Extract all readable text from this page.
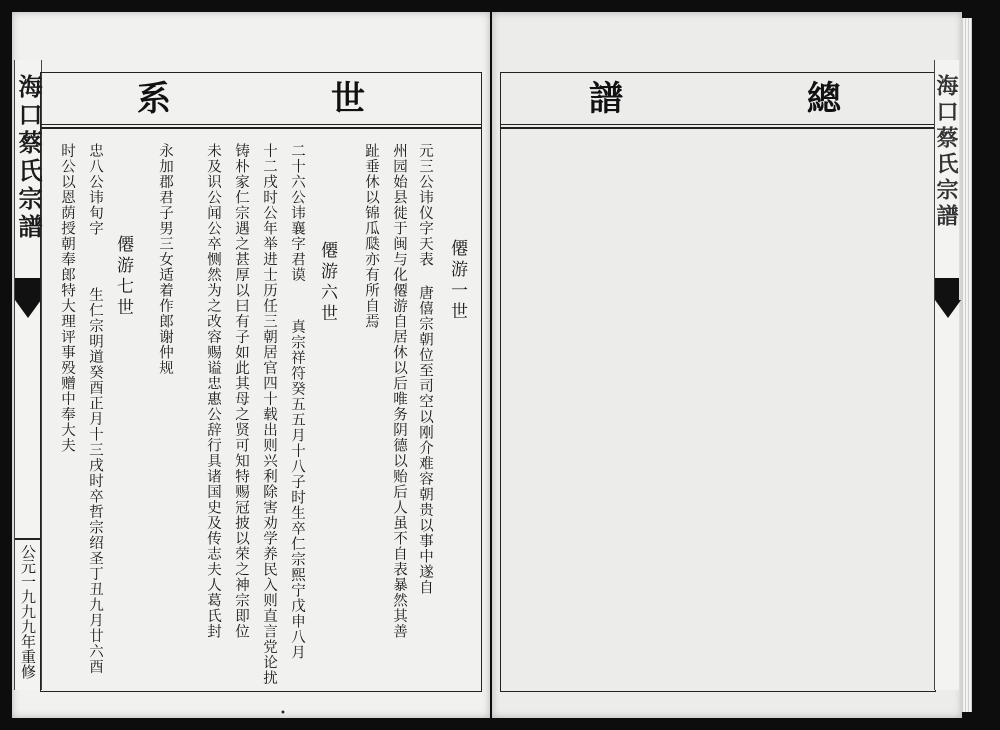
海口蔡氏宗譜
公元一九九九年重修
系	世
僊游一世
元三公讳仪字天表
唐僖宗朝位至司空以刚介难容朝贵以事中遂自
州园始县徙于闽与化僊游自居休以后唯务阴德以贻后人虽不自表暴然其善
趾垂休以锦瓜瓞亦有所自焉
僊游六世
二十六公讳襄字君谟
真宗祥符癸五五月十八子时生卒仁宗熙宁戊申八月
十二戌时公年举进士历任三朝居官四十载出则兴利除害劝学养民入则直言党论扰
铸朴家仁宗遇之甚厚以曰有子如此其母之贤可知特赐冠披以荣之神宗即位
未及识公闻公卒恻然为之改容赐谥忠惠公辞行具诸国史及传志夫人葛氏封
永加郡君子男三女适着作郎谢仲规
僊游七世
忠八公讳旬字
生仁宗明道癸酉正月十三戌时卒哲宗绍圣丁丑九月廿六酉
时公以恩荫授朝奉郎特大理评事殁赠中奉大夫
譜	總	海口蔡氏宗譜
•
